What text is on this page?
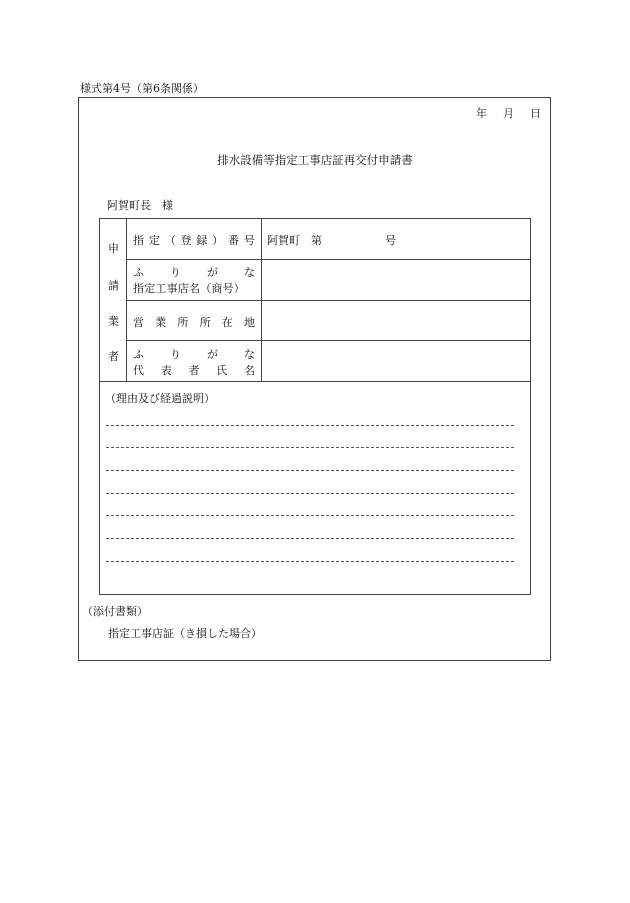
様式第4号（第6条関係）
年 月 日
排水設備等指定工事店証再交付申請書
阿賀町長　様
申
請
業
者
指 定 （ 登 録 ） 番 号 阿賀町　第	号
ふ り が な
指定工事店名（商号）
営 業 所 所 在 地
ふ り が な
代 表 者 氏 名
（理由及び経過説明）
（添付書類）
指定工事店証（き損した場合）
